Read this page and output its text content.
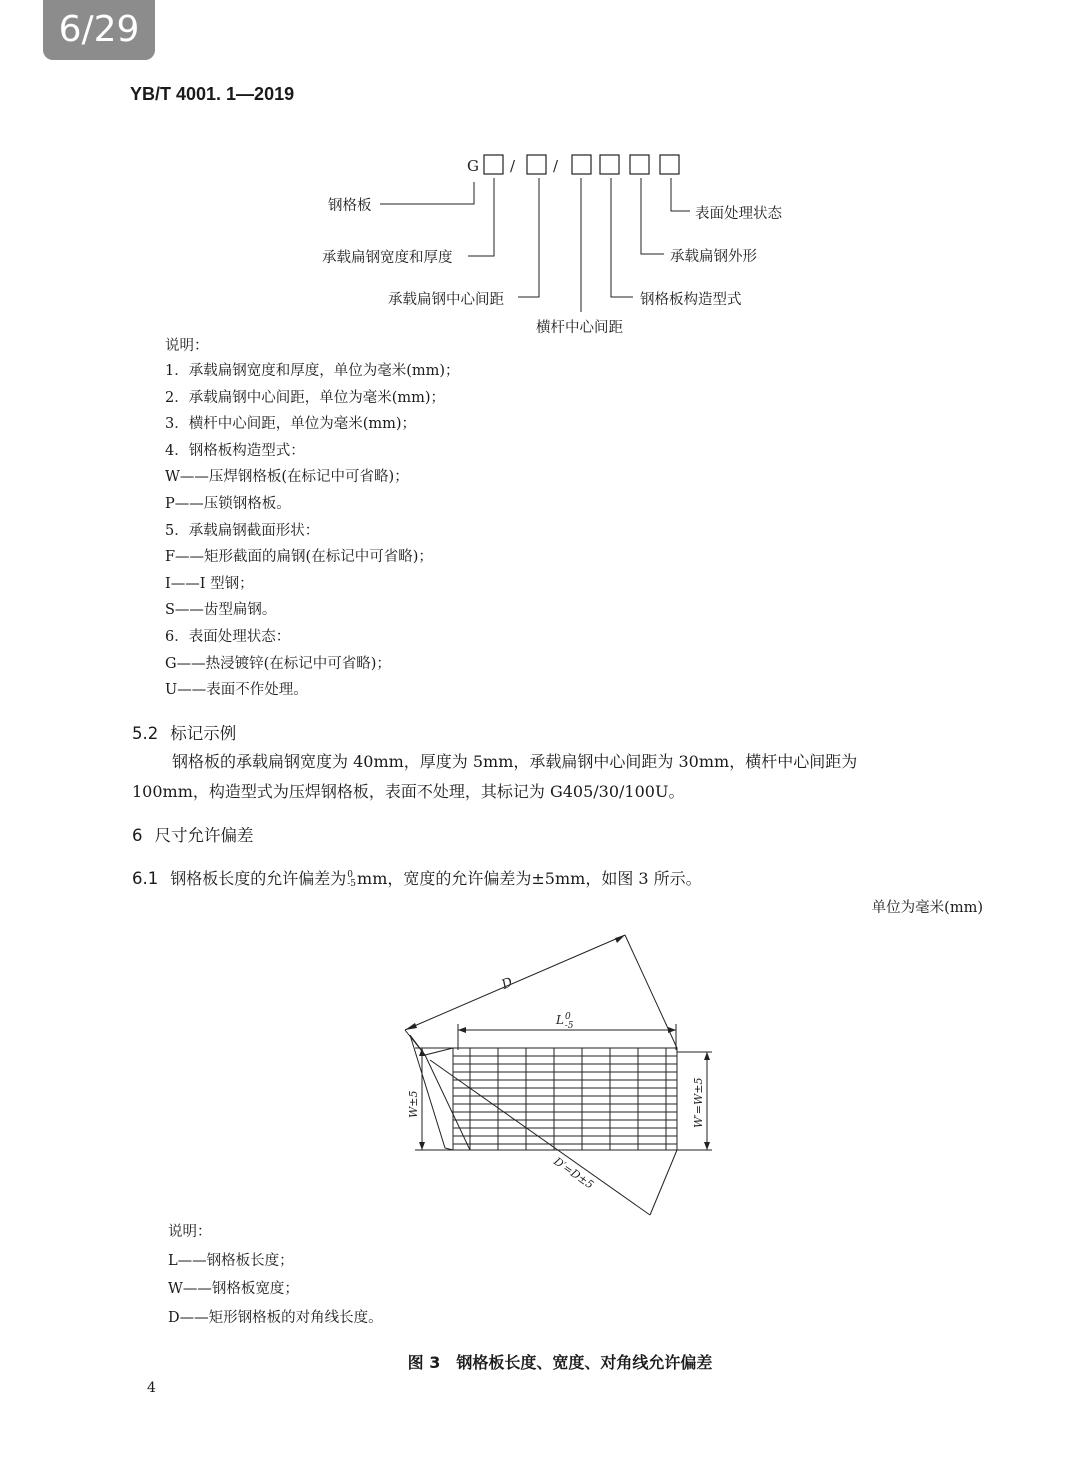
6/29
YB/T 4001. 1—2019
G /	/
钢格板
承载扁钢宽度和厚度
承载扁钢中心间距
横杆中心间距
钢格板构造型式
承载扁钢外形
表面处理状态
说明：
1．承载扁钢宽度和厚度，单位为毫米(mm)；
2．承载扁钢中心间距，单位为毫米(mm)；
3．横杆中心间距，单位为毫米(mm)；
4．钢格板构造型式：
W——压焊钢格板(在标记中可省略)；
P——压锁钢格板。
5．承载扁钢截面形状：
F——矩形截面的扁钢(在标记中可省略)；
I——I 型钢；
S——齿型扁钢。
6．表面处理状态：
G——热浸镀锌(在标记中可省略)；
U——表面不作处理。
5.2 标记示例
钢格板的承载扁钢宽度为 40mm，厚度为 5mm，承载扁钢中心间距为 30mm，横杆中心间距为
100mm，构造型式为压焊钢格板，表面不处理，其标记为 G405/30/100U。
6 尺寸允许偏差
6.1 钢格板长度的允许偏差为 0
-5 mm，宽度的允许偏差为±5mm，如图 3 所示。
单位为毫米(mm)
D
$L^0$ -5
W±5	W′=W±5
D′=D±5
说明：
L——钢格板长度；
W——钢格板宽度；
D——矩形钢格板的对角线长度。
图 3 钢格板长度、宽度、对角线允许偏差
4
